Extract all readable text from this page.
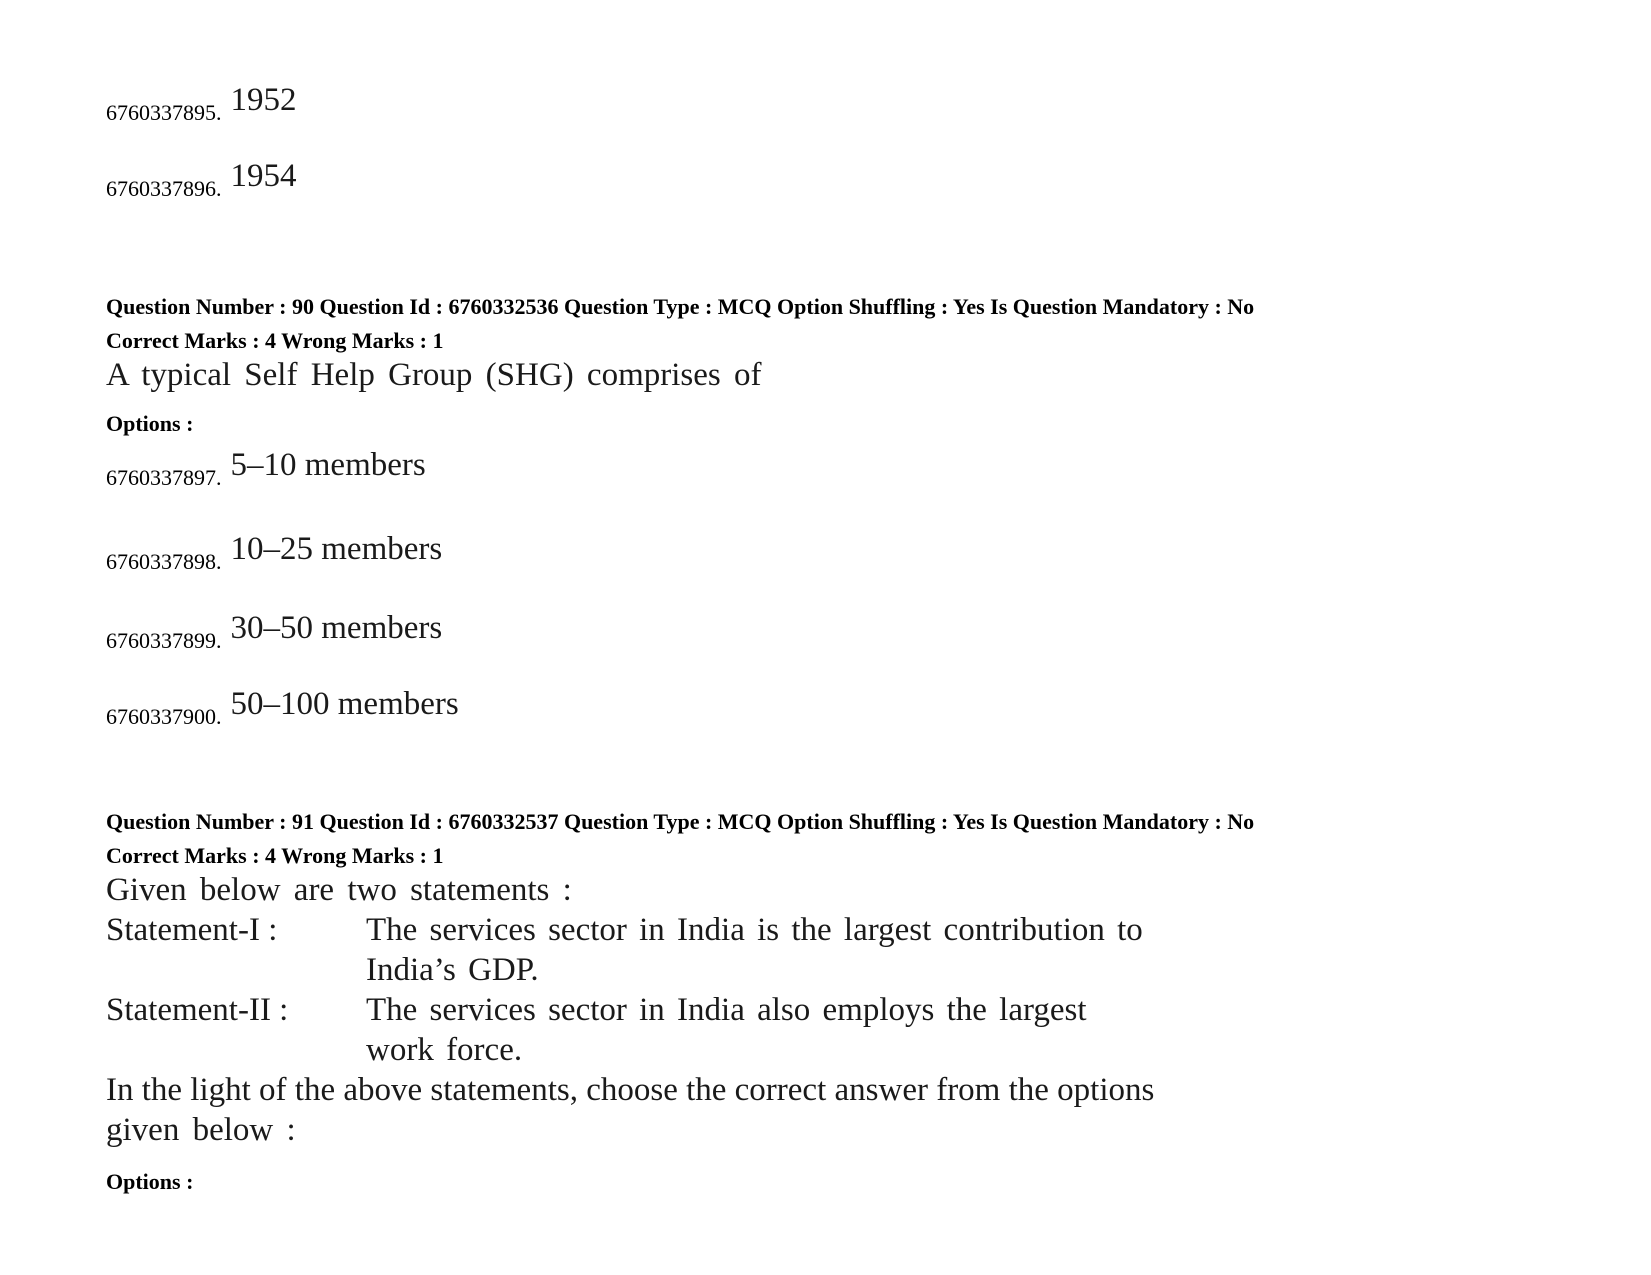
6760337895. 1952
6760337896. 1954
Question Number : 90 Question Id : 6760332536 Question Type : MCQ Option Shuffling : Yes Is Question Mandatory : No
Correct Marks : 4 Wrong Marks : 1
A typical Self Help Group (SHG) comprises of
Options :
6760337897. 5–10 members
6760337898. 10–25 members
6760337899. 30–50 members
6760337900. 50–100 members
Question Number : 91 Question Id : 6760332537 Question Type : MCQ Option Shuffling : Yes Is Question Mandatory : No
Correct Marks : 4 Wrong Marks : 1
Given below are two statements :
Statement-I :	The services sector in India is the largest contribution to
India’s GDP.
Statement-II : The services sector in India also employs the largest
work force.
In the light of the above statements, choose the correct answer from the options
given below :
Options :
